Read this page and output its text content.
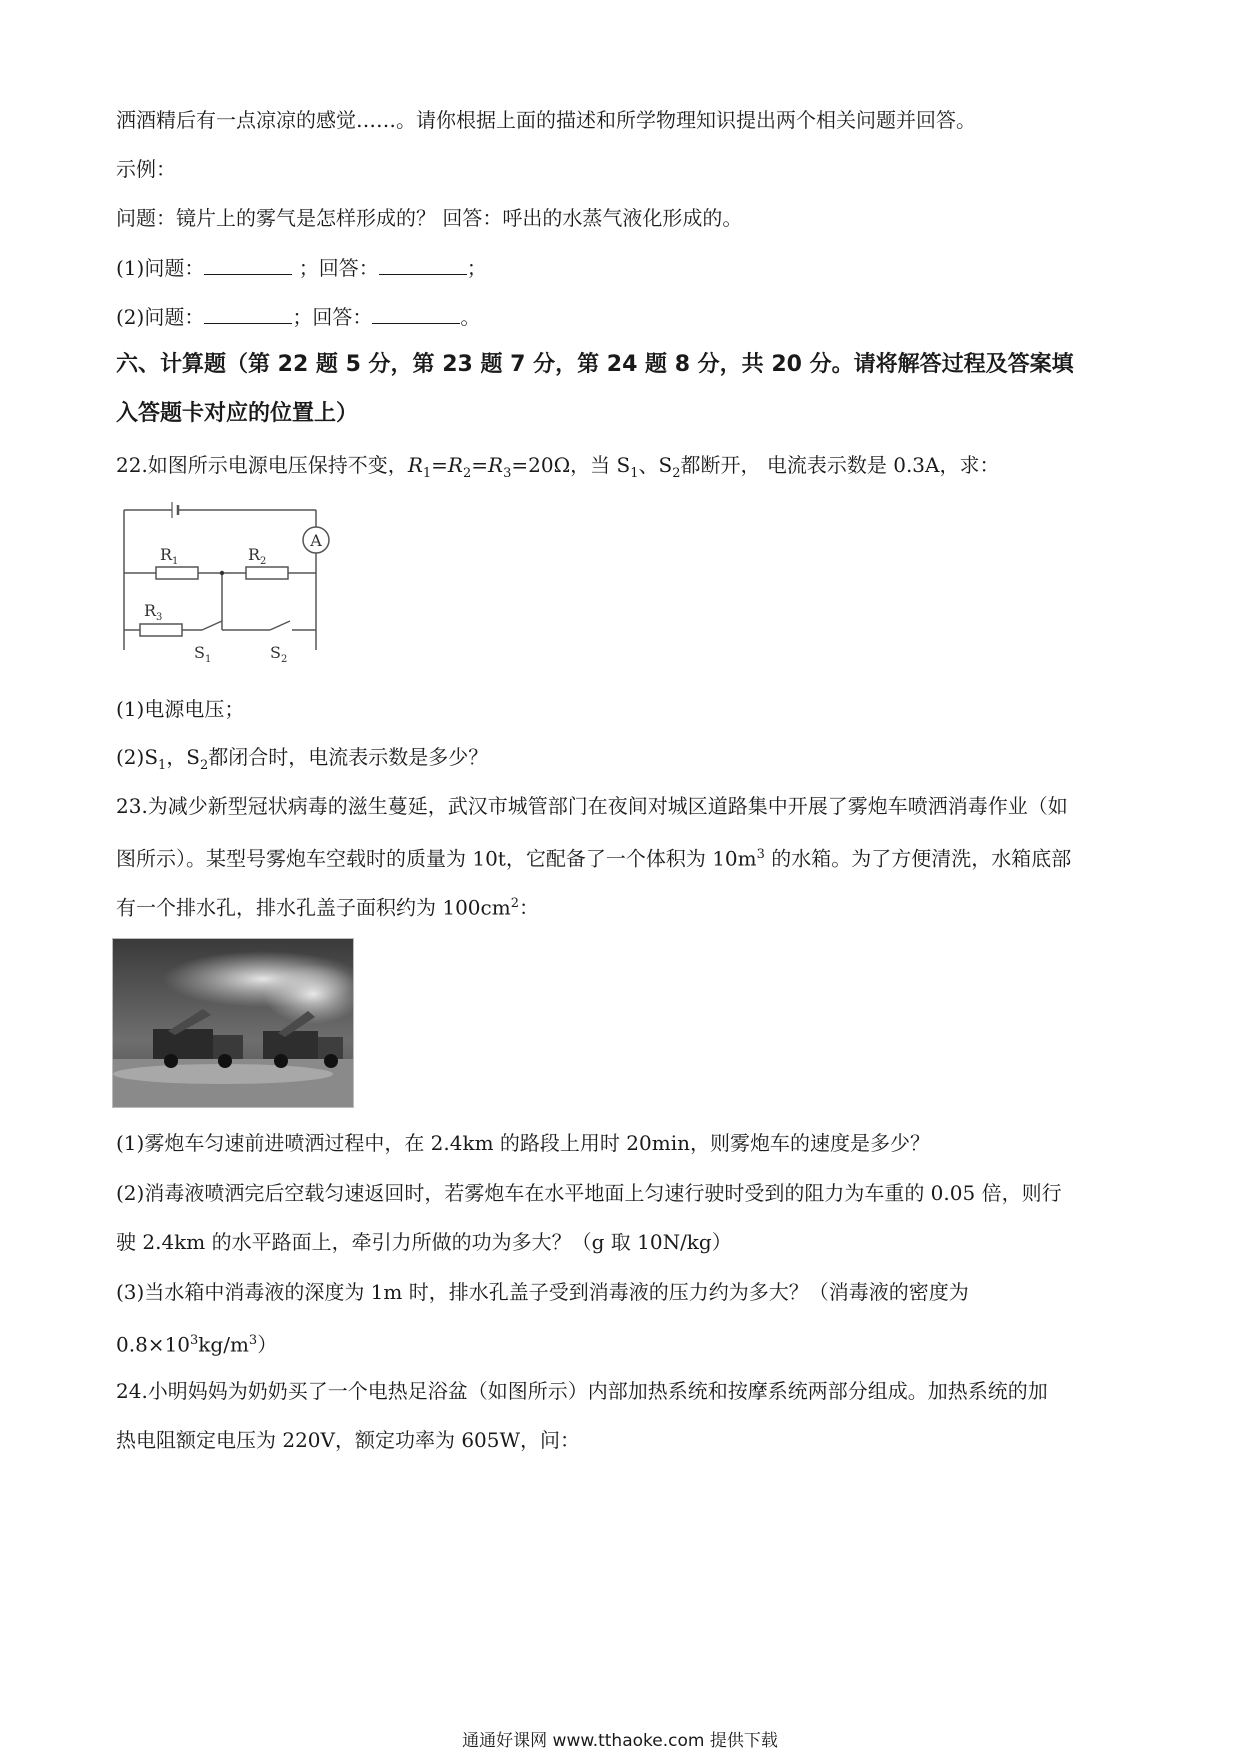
洒酒精后有一点凉凉的感觉……。请你根据上面的描述和所学物理知识提出两个相关问题并回答。
示例：
问题：镜片上的雾气是怎样形成的？ 回答：呼出的水蒸气液化形成的。
(1)问题：	；回答：	；
(2)问题：	；回答：	。
六、计算题（第 22 题 5 分，第 23 题 7 分，第 24 题 8 分，共 20 分。请将解答过程及答案填
入答题卡对应的位置上）
22.如图所示电源电压保持不变，$R_1=R_2=R_3=20\Omega$，当 $S_1$、$S_2$都断开， 电流表示数是 0.3A，求：
A
$R_1$	$R_2$
$R_3$
$S_1$	$S_2$
(1)电源电压；
$(2)S_1$，$S_2$都闭合时，电流表示数是多少？
23.为减少新型冠状病毒的滋生蔓延，武汉市城管部门在夜间对城区道路集中开展了雾炮车喷洒消毒作业（如
图所示）。某型号雾炮车空载时的质量为 10t，它配备了一个体积为 $10m^3$ 的水箱。为了方便清洗，水箱底部
有一个排水孔，排水孔盖子面积约为 $100cm^2$：
(1)雾炮车匀速前进喷洒过程中，在 2.4km 的路段上用时 20min，则雾炮车的速度是多少？
(2)消毒液喷洒完后空载匀速返回时，若雾炮车在水平地面上匀速行驶时受到的阻力为车重的 0.05 倍，则行
驶 2.4km 的水平路面上，牵引力所做的功为多大？（g 取 10N/kg）
(3)当水箱中消毒液的深度为 1m 时，排水孔盖子受到消毒液的压力约为多大？（消毒液的密度为
$0.8\times 10^3kg/m^3$）
24.小明妈妈为奶奶买了一个电热足浴盆（如图所示）内部加热系统和按摩系统两部分组成。加热系统的加
热电阻额定电压为 220V，额定功率为 605W，问：
通通好课网 www.tthaoke.com 提供下载
